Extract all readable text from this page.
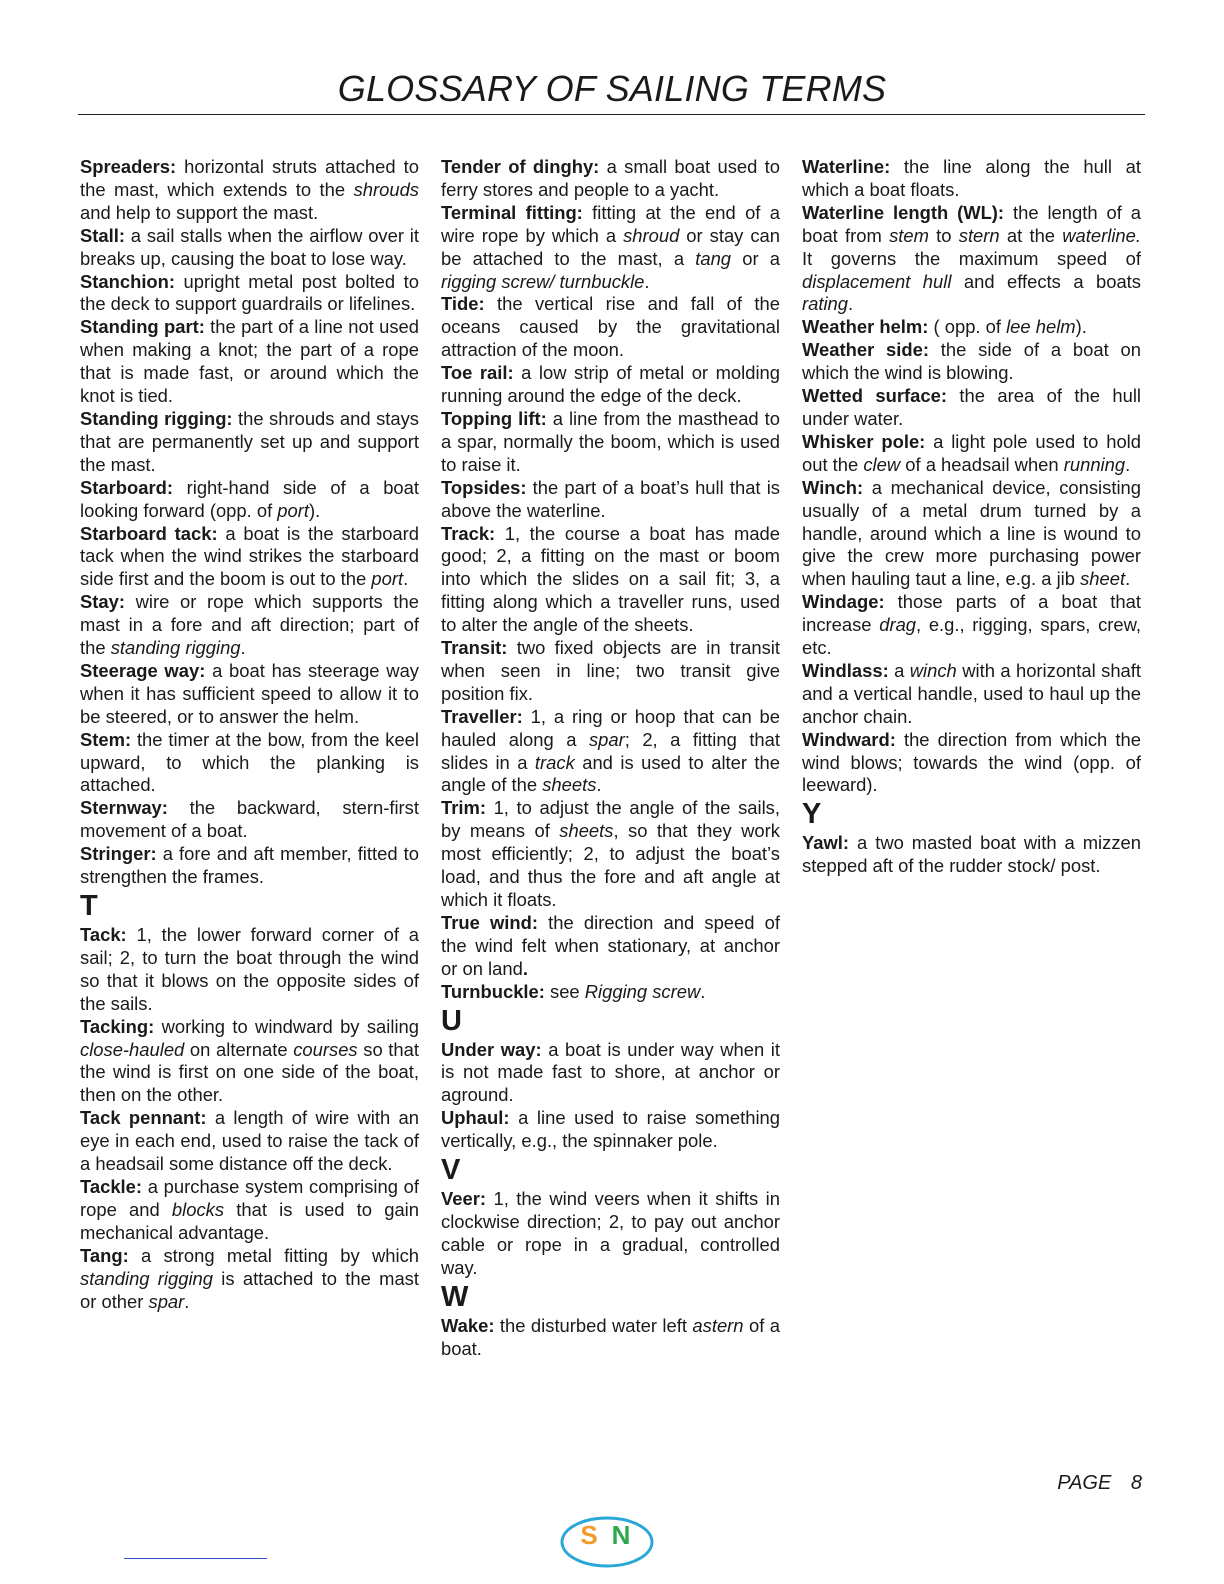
GLOSSARY OF SAILING TERMS

Spreaders: horizontal struts attached to the mast, which extends to the shrouds and help to support the mast.

Stall: a sail stalls when the airflow over it breaks up, causing the boat to lose way.

Stanchion: upright metal post bolted to the deck to support guardrails or lifelines.

Standing part: the part of a line not used when making a knot; the part of a rope that is made fast, or around which the knot is tied.

Standing rigging: the shrouds and stays that are permanently set up and support the mast.

Starboard: right-hand side of a boat looking forward (opp. of port).

Starboard tack: a boat is the starboard tack when the wind strikes the starboard side first and the boom is out to the port.

Stay: wire or rope which supports the mast in a fore and aft direction; part of the standing rigging.

Steerage way: a boat has steerage way when it has sufficient speed to allow it to be steered, or to answer the helm.

Stem: the timer at the bow, from the keel upward, to which the planking is attached.

Sternway: the backward, stern-first movement of a boat.

Stringer: a fore and aft member, fitted to strengthen the frames.

T

Tack: 1, the lower forward corner of a sail; 2, to turn the boat through the wind so that it blows on the opposite sides of the sails.

Tacking: working to windward by sailing close-hauled on alternate courses so that the wind is first on one side of the boat, then on the other.

Tack pennant: a length of wire with an eye in each end, used to raise the tack of a headsail some distance off the deck.

Tackle: a purchase system comprising of rope and blocks that is used to gain mechanical advantage.

Tang: a strong metal fitting by which standing rigging is attached to the mast or other spar.

Tender of dinghy: a small boat used to ferry stores and people to a yacht.

Terminal fitting: fitting at the end of a wire rope by which a shroud or stay can be attached to the mast, a tang or a rigging screw/ turnbuckle.

Tide: the vertical rise and fall of the oceans caused by the gravitational attraction of the moon.

Toe rail: a low strip of metal or molding running around the edge of the deck.

Topping lift: a line from the masthead to a spar, normally the boom, which is used to raise it.

Topsides: the part of a boat’s hull that is above the waterline.

Track: 1, the course a boat has made good; 2, a fitting on the mast or boom into which the slides on a sail fit; 3, a fitting along which a traveller runs, used to alter the angle of the sheets.

Transit: two fixed objects are in transit when seen in line; two transit give position fix.

Traveller: 1, a ring or hoop that can be hauled along a spar; 2, a fitting that slides in a track and is used to alter the angle of the sheets.

Trim: 1, to adjust the angle of the sails, by means of sheets, so that they work most efficiently; 2, to adjust the boat’s load, and thus the fore and aft angle at which it floats.

True wind: the direction and speed of the wind felt when stationary, at anchor or on land.

Turnbuckle: see Rigging screw.

U

Under way: a boat is under way when it is not made fast to shore, at anchor or aground.

Uphaul: a line used to raise something vertically, e.g., the spinnaker pole.

V

Veer: 1, the wind veers when it shifts in clockwise direction; 2, to pay out anchor cable or rope in a gradual, controlled way.

W

Wake: the disturbed water left astern of a boat.

Waterline: the line along the hull at which a boat floats.

Waterline length (WL): the length of a boat from stem to stern at the waterline. It governs the maximum speed of displacement hull and effects a boats rating.

Weather helm: ( opp. of lee helm).

Weather side: the side of a boat on which the wind is blowing.

Wetted surface: the area of the hull under water.

Whisker pole: a light pole used to hold out the clew of a headsail when running.

Winch: a mechanical device, consisting usually of a metal drum turned by a handle, around which a line is wound to give the crew more purchasing power when hauling taut a line, e.g. a jib sheet.

Windage: those parts of a boat that increase drag, e.g., rigging, spars, crew, etc.

Windlass: a winch with a horizontal shaft and a vertical handle, used to haul up the anchor chain.

Windward: the direction from which the wind blows; towards the wind (opp. of leeward).

Y

Yawl: a two masted boat with a mizzen stepped aft of the rudder stock/ post.

PAGE 8
S N
